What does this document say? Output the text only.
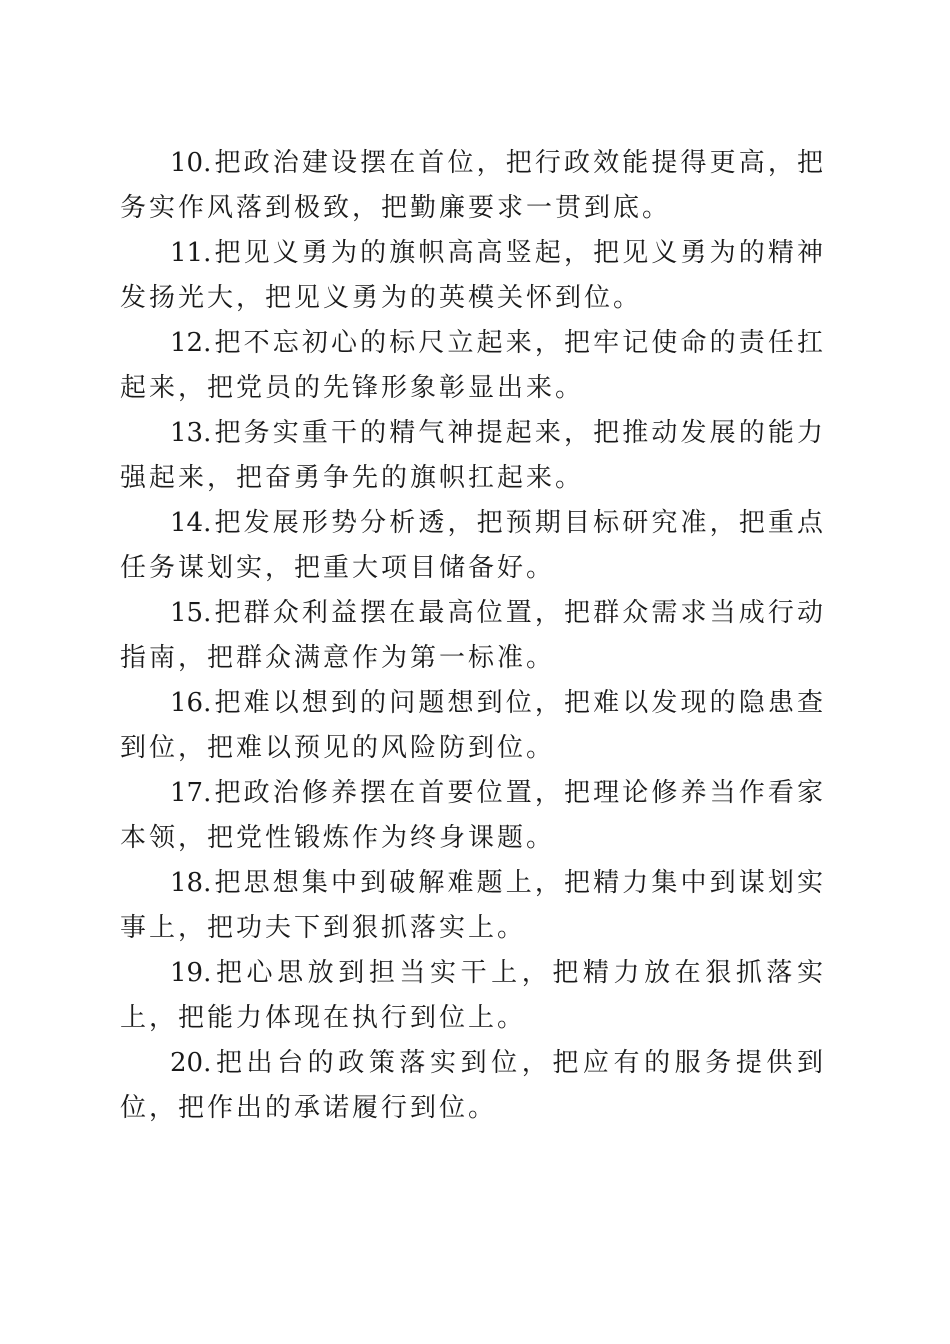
10. 把政治建设摆在首位，把行政效能提得更高，把务实作风落到极致，把勤廉要求一贯到底。

11. 把见义勇为的旗帜高高竖起，把见义勇为的精神发扬光大，把见义勇为的英模关怀到位。

12. 把不忘初心的标尺立起来，把牢记使命的责任扛起来，把党员的先锋形象彰显出来。

13. 把务实重干的精气神提起来，把推动发展的能力强起来，把奋勇争先的旗帜扛起来。

14. 把发展形势分析透，把预期目标研究准，把重点任务谋划实，把重大项目储备好。

15. 把群众利益摆在最高位置，把群众需求当成行动指南，把群众满意作为第一标准。

16. 把难以想到的问题想到位，把难以发现的隐患查到位，把难以预见的风险防到位。

17. 把政治修养摆在首要位置，把理论修养当作看家本领，把党性锻炼作为终身课题。

18. 把思想集中到破解难题上，把精力集中到谋划实事上，把功夫下到狠抓落实上。

19. 把心思放到担当实干上，把精力放在狠抓落实上，把能力体现在执行到位上。

20. 把出台的政策落实到位，把应有的服务提供到位，把作出的承诺履行到位。
